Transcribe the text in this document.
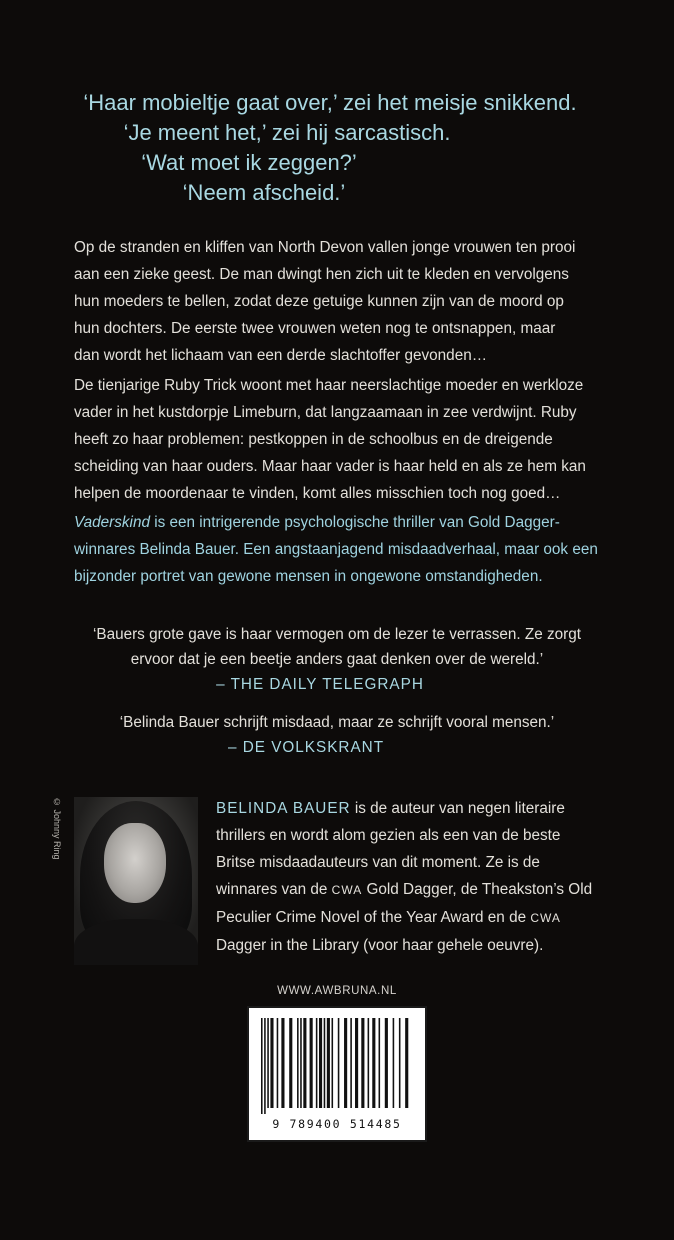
‘Haar mobieltje gaat over,’ zei het meisje snikkend.
‘Je meent het,’ zei hij sarcastisch.
‘Wat moet ik zeggen?’
‘Neem afscheid.’
Op de stranden en kliffen van North Devon vallen jonge vrouwen ten prooi
aan een zieke geest. De man dwingt hen zich uit te kleden en vervolgens
hun moeders te bellen, zodat deze getuige kunnen zijn van de moord op
hun dochters. De eerste twee vrouwen weten nog te ontsnappen, maar
dan wordt het lichaam van een derde slachtoffer gevonden…
De tienjarige Ruby Trick woont met haar neerslachtige moeder en werkloze
vader in het kustdorpje Limeburn, dat langzaamaan in zee verdwijnt. Ruby
heeft zo haar problemen: pestkoppen in de schoolbus en de dreigende
scheiding van haar ouders. Maar haar vader is haar held en als ze hem kan
helpen de moordenaar te vinden, komt alles misschien toch nog goed…
Vaderskind is een intrigerende psychologische thriller van Gold Dagger-
winnares Belinda Bauer. Een angstaanjagend misdaadverhaal, maar ook een
bijzonder portret van gewone mensen in ongewone omstandigheden.
‘Bauers grote gave is haar vermogen om de lezer te verrassen. Ze zorgt
ervoor dat je een beetje anders gaat denken over de wereld.’
– THE DAILY TELEGRAPH
‘Belinda Bauer schrijft misdaad, maar ze schrijft vooral mensen.’
– DE VOLKSKRANT
© Johnny Ring	BELINDA BAUER is de auteur van negen literaire
thrillers en wordt alom gezien als een van de beste
Britse misdaadauteurs van dit moment. Ze is de
winnares van de CWA Gold Dagger, de Theakston’s Old
Peculier Crime Novel of the Year Award en de CWA
Dagger in the Library (voor haar gehele oeuvre).
WWW.AWBRUNA.NL
9 789400 514485
